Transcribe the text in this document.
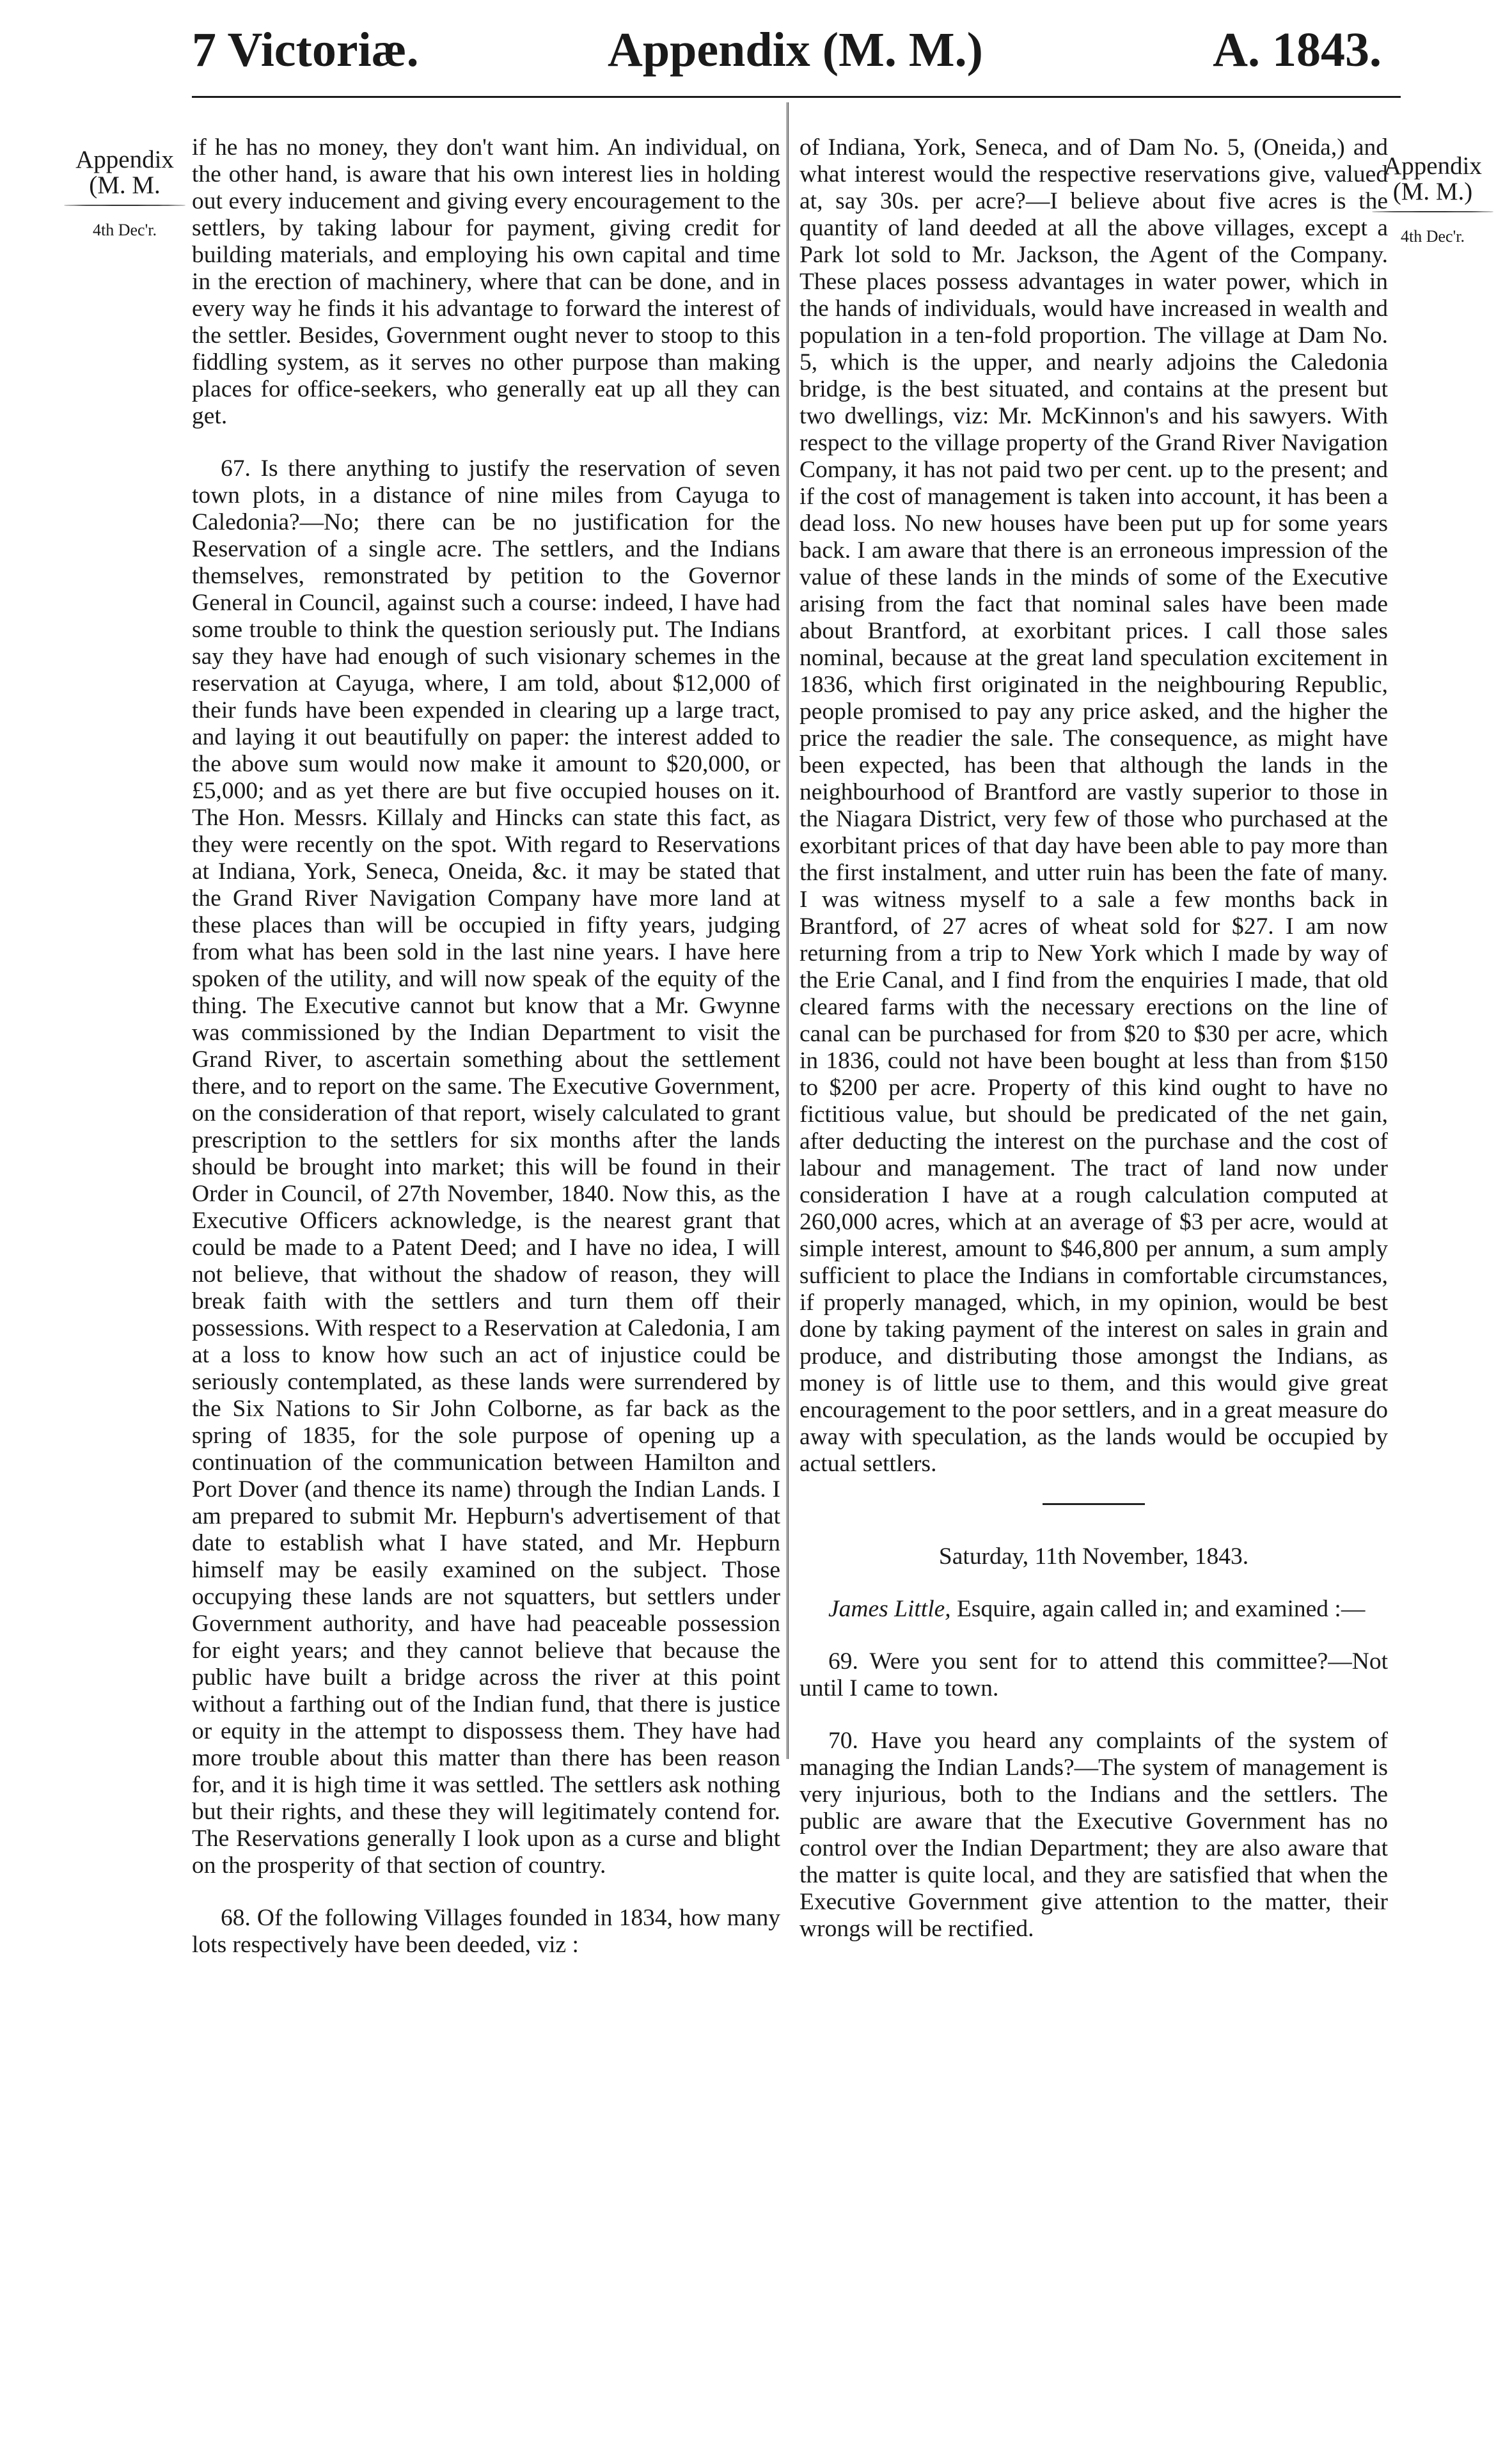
7 Victoriæ.	Appendix (M. M.)	A. 1843.
Appendix
(M. M.
4th Dec'r.
Appendix
(M. M.)
4th Dec'r.

if he has no money, they don't want him. An individual, on the other hand, is aware that his own interest lies in holding out every inducement and giving every encouragement to the settlers, by taking labour for payment, giving credit for building materials, and employing his own capital and time in the erection of machinery, where that can be done, and in every way he finds it his advantage to forward the interest of the settler. Besides, Government ought never to stoop to this fiddling system, as it serves no other purpose than making places for office-seekers, who generally eat up all they can get.

67. Is there anything to justify the reservation of seven town plots, in a distance of nine miles from Cayuga to Caledonia?—No; there can be no justification for the Reservation of a single acre. The settlers, and the Indians themselves, remonstrated by petition to the Governor General in Council, against such a course: indeed, I have had some trouble to think the question seriously put. The Indians say they have had enough of such visionary schemes in the reservation at Cayuga, where, I am told, about $12,000 of their funds have been expended in clearing up a large tract, and laying it out beautifully on paper: the interest added to the above sum would now make it amount to $20,000, or £5,000; and as yet there are but five occupied houses on it. The Hon. Messrs. Killaly and Hincks can state this fact, as they were recently on the spot. With regard to Reservations at Indiana, York, Seneca, Oneida, &c. it may be stated that the Grand River Navigation Company have more land at these places than will be occupied in fifty years, judging from what has been sold in the last nine years. I have here spoken of the utility, and will now speak of the equity of the thing. The Executive cannot but know that a Mr. Gwynne was commissioned by the Indian Department to visit the Grand River, to ascertain something about the settlement there, and to report on the same. The Executive Government, on the consideration of that report, wisely calculated to grant prescription to the settlers for six months after the lands should be brought into market; this will be found in their Order in Council, of 27th November, 1840. Now this, as the Executive Officers acknowledge, is the nearest grant that could be made to a Patent Deed; and I have no idea, I will not believe, that without the shadow of reason, they will break faith with the settlers and turn them off their possessions. With respect to a Reservation at Caledonia, I am at a loss to know how such an act of injustice could be seriously contemplated, as these lands were surrendered by the Six Nations to Sir John Colborne, as far back as the spring of 1835, for the sole purpose of opening up a continuation of the communication between Hamilton and Port Dover (and thence its name) through the Indian Lands. I am prepared to submit Mr. Hepburn's advertisement of that date to establish what I have stated, and Mr. Hepburn himself may be easily examined on the subject. Those occupying these lands are not squatters, but settlers under Government authority, and have had peaceable possession for eight years; and they cannot believe that because the public have built a bridge across the river at this point without a farthing out of the Indian fund, that there is justice or equity in the attempt to dispossess them. They have had more trouble about this matter than there has been reason for, and it is high time it was settled. The settlers ask nothing but their rights, and these they will legitimately contend for. The Reservations generally I look upon as a curse and blight on the prosperity of that section of country.

68. Of the following Villages founded in 1834, how many lots respectively have been deeded, viz :

of Indiana, York, Seneca, and of Dam No. 5, (Oneida,) and what interest would the respective reservations give, valued at, say 30s. per acre?—I believe about five acres is the quantity of land deeded at all the above villages, except a Park lot sold to Mr. Jackson, the Agent of the Company. These places possess advantages in water power, which in the hands of individuals, would have increased in wealth and population in a ten-fold proportion. The village at Dam No. 5, which is the upper, and nearly adjoins the Caledonia bridge, is the best situated, and contains at the present but two dwellings, viz: Mr. McKinnon's and his sawyers. With respect to the village property of the Grand River Navigation Company, it has not paid two per cent. up to the present; and if the cost of management is taken into account, it has been a dead loss. No new houses have been put up for some years back. I am aware that there is an erroneous impression of the value of these lands in the minds of some of the Executive arising from the fact that nominal sales have been made about Brantford, at exorbitant prices. I call those sales nominal, because at the great land speculation excitement in 1836, which first originated in the neighbouring Republic, people promised to pay any price asked, and the higher the price the readier the sale. The consequence, as might have been expected, has been that although the lands in the neighbourhood of Brantford are vastly superior to those in the Niagara District, very few of those who purchased at the exorbitant prices of that day have been able to pay more than the first instalment, and utter ruin has been the fate of many. I was witness myself to a sale a few months back in Brantford, of 27 acres of wheat sold for $27. I am now returning from a trip to New York which I made by way of the Erie Canal, and I find from the enquiries I made, that old cleared farms with the necessary erections on the line of canal can be purchased for from $20 to $30 per acre, which in 1836, could not have been bought at less than from $150 to $200 per acre. Property of this kind ought to have no fictitious value, but should be predicated of the net gain, after deducting the interest on the purchase and the cost of labour and management. The tract of land now under consideration I have at a rough calculation computed at 260,000 acres, which at an average of $3 per acre, would at simple interest, amount to $46,800 per annum, a sum amply sufficient to place the Indians in comfortable circumstances, if properly managed, which, in my opinion, would be best done by taking payment of the interest on sales in grain and produce, and distributing those amongst the Indians, as money is of little use to them, and this would give great encouragement to the poor settlers, and in a great measure do away with speculation, as the lands would be occupied by actual settlers.

Saturday, 11th November, 1843.

James Little, Esquire, again called in; and examined :—

69. Were you sent for to attend this committee?—Not until I came to town.

70. Have you heard any complaints of the system of managing the Indian Lands?—The system of management is very injurious, both to the Indians and the settlers. The public are aware that the Executive Government has no control over the Indian Department; they are also aware that the matter is quite local, and they are satisfied that when the Executive Government give attention to the matter, their wrongs will be rectified.
